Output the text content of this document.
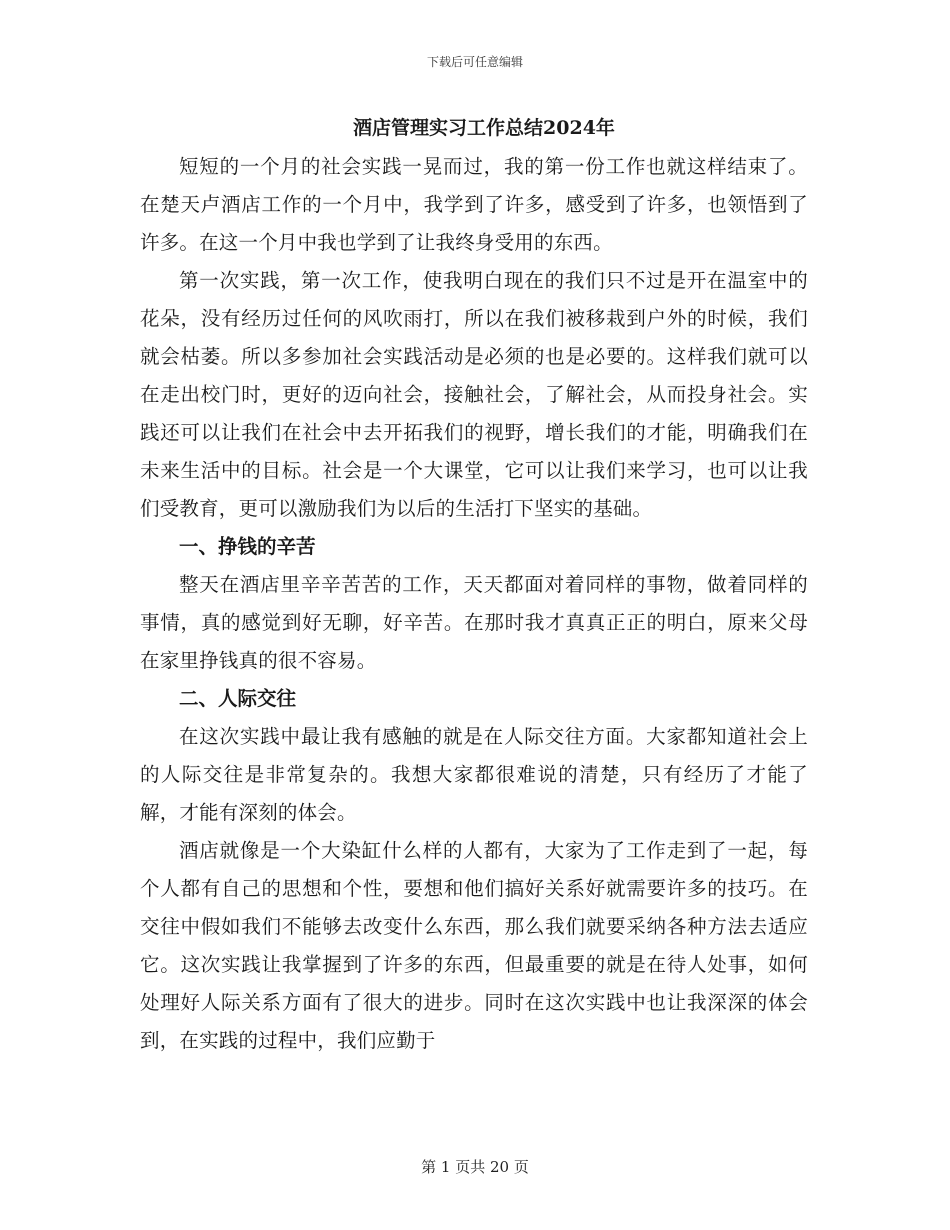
下载后可任意编辑

酒店管理实习工作总结2024年

短短的一个月的社会实践一晃而过，我的第一份工作也就这样结束了。在楚天卢酒店工作的一个月中，我学到了许多，感受到了许多，也领悟到了许多。在这一个月中我也学到了让我终身受用的东西。

第一次实践，第一次工作，使我明白现在的我们只不过是开在温室中的花朵，没有经历过任何的风吹雨打，所以在我们被移栽到户外的时候，我们就会枯萎。所以多参加社会实践活动是必须的也是必要的。这样我们就可以在走出校门时，更好的迈向社会，接触社会，了解社会，从而投身社会。实践还可以让我们在社会中去开拓我们的视野，增长我们的才能，明确我们在未来生活中的目标。社会是一个大课堂，它可以让我们来学习，也可以让我们受教育，更可以激励我们为以后的生活打下坚实的基础。

一、挣钱的辛苦

整天在酒店里辛辛苦苦的工作，天天都面对着同样的事物，做着同样的事情，真的感觉到好无聊，好辛苦。在那时我才真真正正的明白，原来父母在家里挣钱真的很不容易。

二、人际交往

在这次实践中最让我有感触的就是在人际交往方面。大家都知道社会上的人际交往是非常复杂的。我想大家都很难说的清楚，只有经历了才能了解，才能有深刻的体会。

酒店就像是一个大染缸什么样的人都有，大家为了工作走到了一起，每个人都有自己的思想和个性，要想和他们搞好关系好就需要许多的技巧。在交往中假如我们不能够去改变什么东西，那么我们就要采纳各种方法去适应它。这次实践让我掌握到了许多的东西，但最重要的就是在待人处事，如何处理好人际关系方面有了很大的进步。同时在这次实践中也让我深深的体会到，在实践的过程中，我们应勤于

第 1 页共 20 页
